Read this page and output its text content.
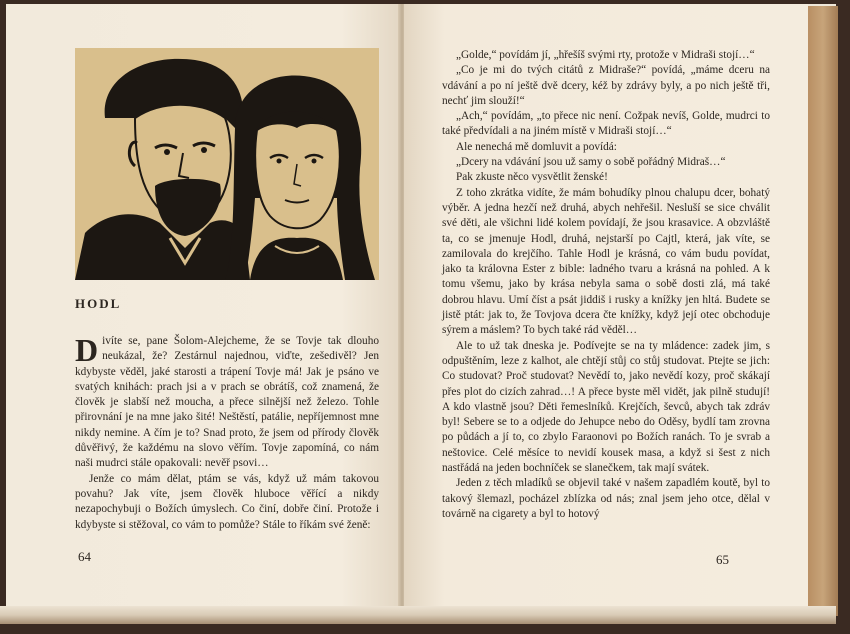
HODL

Divíte se, pane Šolom-Alejcheme, že se Tovje tak dlouho neukázal, že? Zestárnul najednou, viďte, zešedivěl? Jen kdybyste věděl, jaké starosti a trápení Tovje má! Jak je psáno ve svatých knihách: prach jsi a v prach se obrátíš, což znamená, že člověk je slabší než moucha, a přece silnější než železo. Tohle přirovnání je na mne jako šité! Neštěstí, patálie, nepříjemnost mne nikdy nemine. A čím je to? Snad proto, že jsem od přírody člověk důvěřivý, že každému na slovo věřím. Tovje zapomíná, co nám naši mudrci stále opakovali: nevěř psovi…

Jenže co mám dělat, ptám se vás, když už mám takovou povahu? Jak víte, jsem člověk hluboce věřící a nikdy nezapochybuji o Božích úmyslech. Co činí, dobře činí. Protože i kdybyste si stěžoval, co vám to pomůže? Stále to říkám své ženě:

64

„Golde,“ povídám jí, „hřešíš svými rty, protože v Midraši stojí…“

„Co je mi do tvých citátů z Midraše?“ povídá, „máme dceru na vdávání a po ní ještě dvě dcery, kéž by zdrávy byly, a po nich ještě tři, nechť jim slouží!“

„Ach,“ povídám, „to přece nic není. Cožpak nevíš, Golde, mudrci to také předvídali a na jiném místě v Midraši stojí…“

Ale nenechá mě domluvit a povídá:

„Dcery na vdávání jsou už samy o sobě pořádný Midraš…“

Pak zkuste něco vysvětlit ženské!

Z toho zkrátka vidíte, že mám bohudíky plnou chalupu dcer, bohatý výběr. A jedna hezčí než druhá, abych nehřešil. Nesluší se sice chválit své děti, ale všichni lidé kolem povídají, že jsou krasavice. A obzvláště ta, co se jmenuje Hodl, druhá, nejstarší po Cajtl, která, jak víte, se zamilovala do krejčího. Tahle Hodl je krásná, co vám budu povídat, jako ta královna Ester z bible: ladného tvaru a krásná na pohled. A k tomu všemu, jako by krása nebyla sama o sobě dosti zlá, má také dobrou hlavu. Umí číst a psát jiddiš i rusky a knížky jen hltá. Budete se jistě ptát: jak to, že Tovjova dcera čte knížky, když její otec obchoduje sýrem a máslem? To bych také rád věděl…

Ale to už tak dneska je. Podívejte se na ty mládence: zadek jim, s odpuštěním, leze z kalhot, ale chtějí stůj co stůj studovat. Ptejte se jich: Co studovat? Proč studovat? Nevědí to, jako nevědí kozy, proč skákají přes plot do cizích zahrad…! A přece byste měl vidět, jak pilně studují! A kdo vlastně jsou? Děti řemeslníků. Krejčích, ševců, abych tak zdráv byl! Sebere se to a odjede do Jehupce nebo do Oděsy, bydlí tam zrovna po půdách a jí to, co zbylo Faraonovi po Božích ranách. To je svrab a neštovice. Celé měsíce to nevidí kousek masa, a když si šest z nich nastřádá na jeden bochníček se slanečkem, tak mají svátek.

Jeden z těch mladíků se objevil také v našem zapadlém koutě, byl to takový šlemazl, pocházel zblízka od nás; znal jsem jeho otce, dělal v továrně na cigarety a byl to hotový

65
